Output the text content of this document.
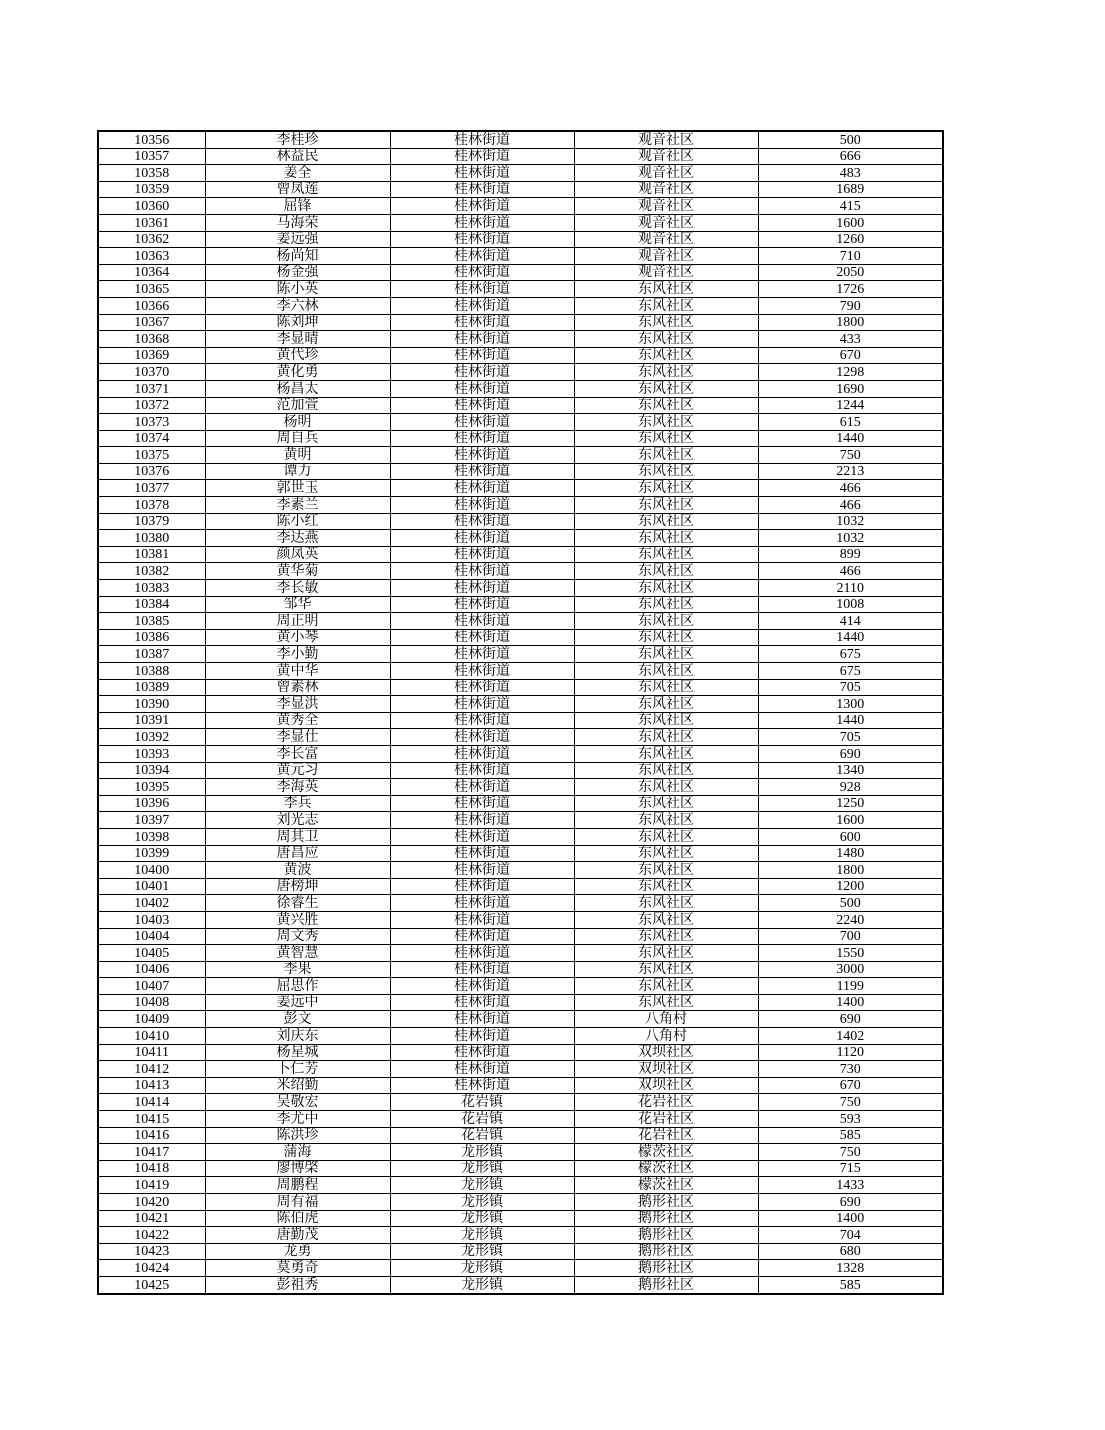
10356	李桂珍	桂林街道	观音社区	500
10357	林益民	桂林街道	观音社区	666
10358	姜全	桂林街道	观音社区	483
10359	曾凤莲	桂林街道	观音社区	1689
10360	屈锋	桂林街道	观音社区	415
10361	马海荣	桂林街道	观音社区	1600
10362	姜远强	桂林街道	观音社区	1260
10363	杨尚知	桂林街道	观音社区	710
10364	杨金强	桂林街道	观音社区	2050
10365	陈小英	桂林街道	东风社区	1726
10366	李六林	桂林街道	东风社区	790
10367	陈刘坤	桂林街道	东风社区	1800
10368	李显晴	桂林街道	东风社区	433
10369	黄代珍	桂林街道	东风社区	670
10370	黄化勇	桂林街道	东风社区	1298
10371	杨昌太	桂林街道	东风社区	1690
10372	范加萱	桂林街道	东风社区	1244
10373	杨明	桂林街道	东风社区	615
10374	周自兵	桂林街道	东风社区	1440
10375	黄明	桂林街道	东风社区	750
10376	谭力	桂林街道	东风社区	2213
10377	郭世玉	桂林街道	东风社区	466
10378	李素兰	桂林街道	东风社区	466
10379	陈小红	桂林街道	东风社区	1032
10380	李达燕	桂林街道	东风社区	1032
10381	颜凤英	桂林街道	东风社区	899
10382	黄华菊	桂林街道	东风社区	466
10383	李长敏	桂林街道	东风社区	2110
10384	邹华	桂林街道	东风社区	1008
10385	周正明	桂林街道	东风社区	414
10386	黄小琴	桂林街道	东风社区	1440
10387	李小勤	桂林街道	东风社区	675
10388	黄中华	桂林街道	东风社区	675
10389	曾素林	桂林街道	东风社区	705
10390	李显洪	桂林街道	东风社区	1300
10391	黄秀全	桂林街道	东风社区	1440
10392	李显仕	桂林街道	东风社区	705
10393	李长富	桂林街道	东风社区	690
10394	黄元习	桂林街道	东风社区	1340
10395	李海英	桂林街道	东风社区	928
10396	李兵	桂林街道	东风社区	1250
10397	刘光志	桂林街道	东风社区	1600
10398	周其卫	桂林街道	东风社区	600
10399	唐昌应	桂林街道	东风社区	1480
10400	黄波	桂林街道	东风社区	1800
10401	唐榜坤	桂林街道	东风社区	1200
10402	徐睿生	桂林街道	东风社区	500
10403	黄兴胜	桂林街道	东风社区	2240
10404	周文秀	桂林街道	东风社区	700
10405	黄智慧	桂林街道	东风社区	1550
10406	李果	桂林街道	东风社区	3000
10407	屈思作	桂林街道	东风社区	1199
10408	姜远中	桂林街道	东风社区	1400
10409	彭文	桂林街道	八角村	690
10410	刘庆东	桂林街道	八角村	1402
10411	杨星城	桂林街道	双坝社区	1120
10412	卜仁芳	桂林街道	双坝社区	730
10413	米绍勤	桂林街道	双坝社区	670
10414	吴敬宏	花岩镇	花岩社区	750
10415	李尤中	花岩镇	花岩社区	593
10416	陈洪珍	花岩镇	花岩社区	585
10417	蒲海	龙形镇	檬茨社区	750
10418	廖博棨	龙形镇	檬茨社区	715
10419	周鹏程	龙形镇	檬茨社区	1433
10420	周有福	龙形镇	鹅形社区	690
10421	陈伯虎	龙形镇	鹅形社区	1400
10422	唐勤茂	龙形镇	鹅形社区	704
10423	龙勇	龙形镇	鹅形社区	680
10424	莫勇奇	龙形镇	鹅形社区	1328
10425	彭祖秀	龙形镇	鹅形社区	585
